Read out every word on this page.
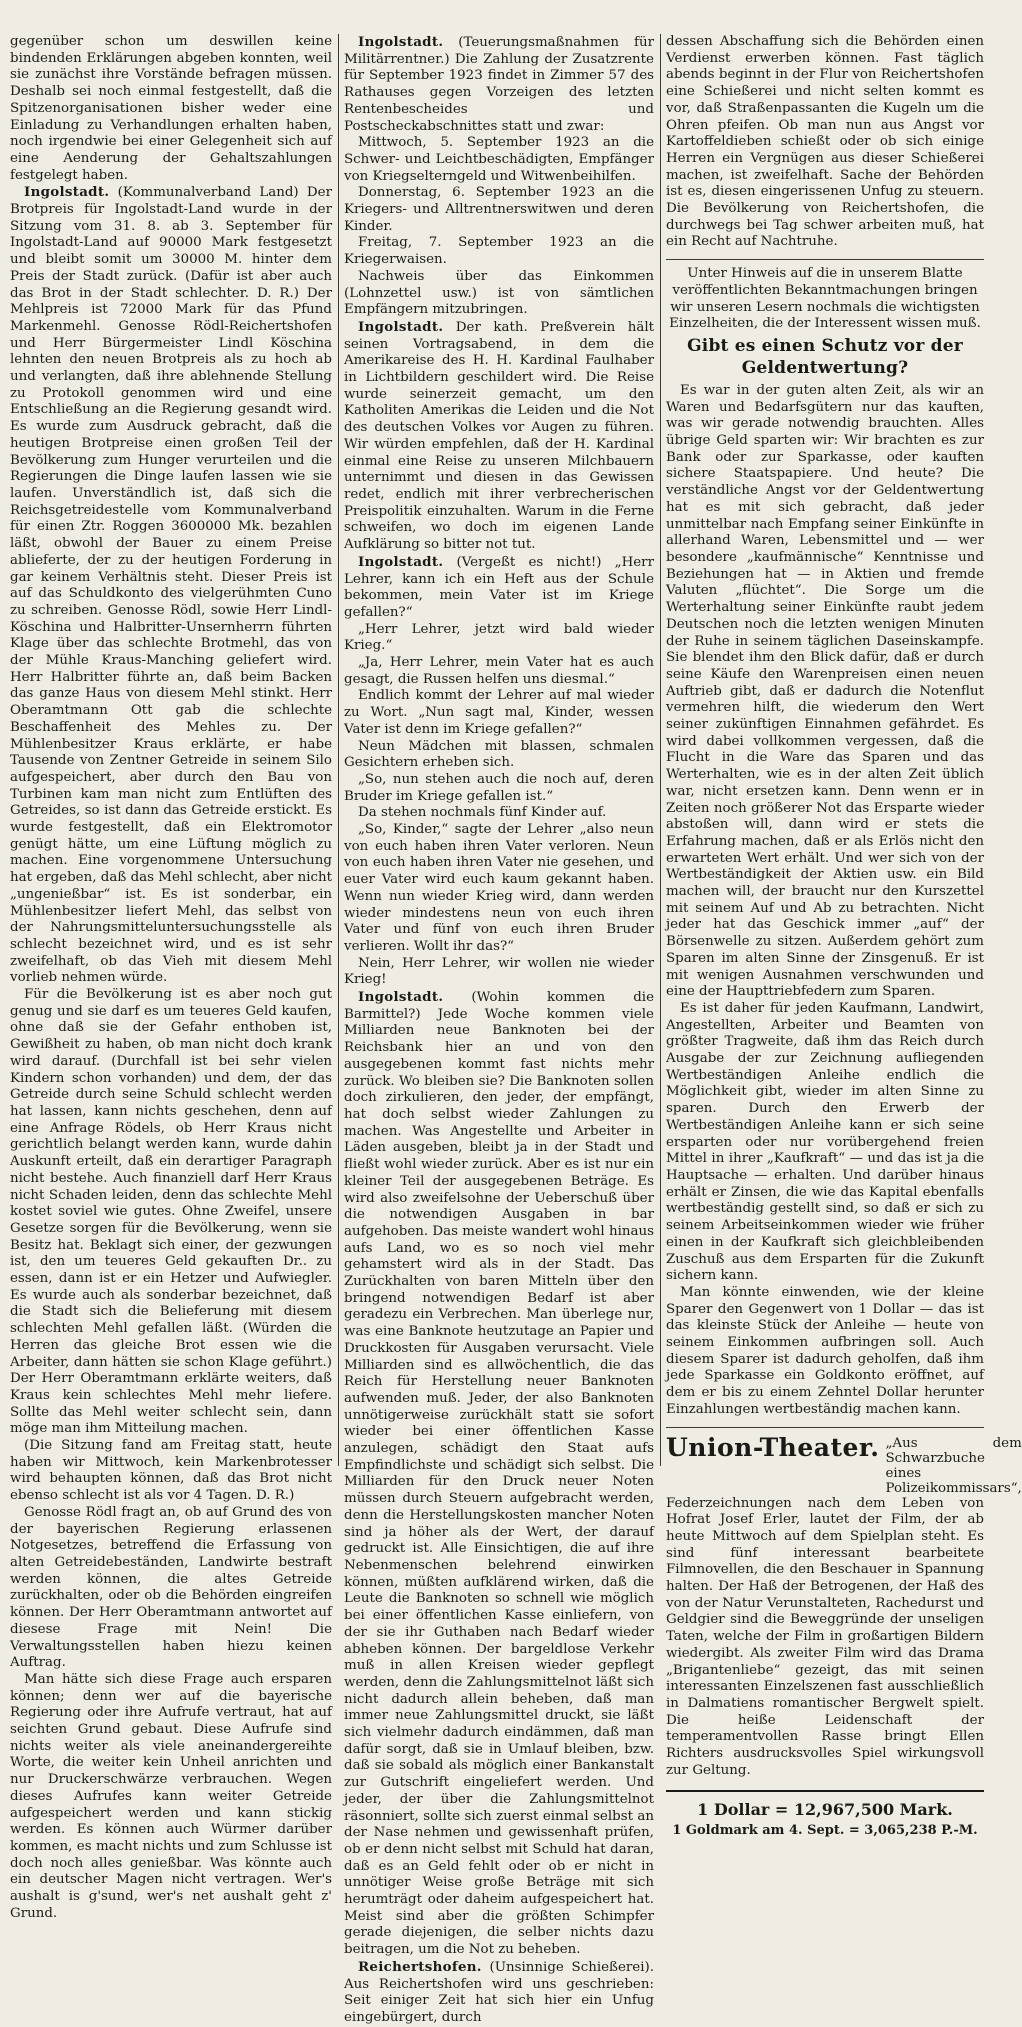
gegenüber schon um deswillen keine bindenden Erklärungen abgeben konnten, weil sie zunächst ihre Vorstände befragen müssen. Deshalb sei noch einmal festgestellt, daß die Spitzenorganisationen bisher weder eine Einladung zu Verhandlungen erhalten haben, noch irgendwie bei einer Gelegenheit sich auf eine Aenderung der Gehaltszahlungen festgelegt haben.

Ingolstadt. (Kommunalverband Land) Der Brotpreis für Ingolstadt-Land wurde in der Sitzung vom 31. 8. ab 3. September für Ingolstadt-Land auf 90000 Mark festgesetzt und bleibt somit um 30000 M. hinter dem Preis der Stadt zurück. (Dafür ist aber auch das Brot in der Stadt schlechter. D. R.) Der Mehlpreis ist 72000 Mark für das Pfund Markenmehl. Genosse Rödl-Reichertshofen und Herr Bürgermeister Lindl Köschina lehnten den neuen Brotpreis als zu hoch ab und verlangten, daß ihre ablehnende Stellung zu Protokoll genommen wird und eine Entschließung an die Regierung gesandt wird. Es wurde zum Ausdruck gebracht, daß die heutigen Brotpreise einen großen Teil der Bevölkerung zum Hunger verurteilen und die Regierungen die Dinge laufen lassen wie sie laufen. Unverständlich ist, daß sich die Reichsgetreidestelle vom Kommunalverband für einen Ztr. Roggen 3600000 Mk. bezahlen läßt, obwohl der Bauer zu einem Preise ablieferte, der zu der heutigen Forderung in gar keinem Verhältnis steht. Dieser Preis ist auf das Schuldkonto des vielgerühmten Cuno zu schreiben. Genosse Rödl, sowie Herr Lindl-Köschina und Halbritter-Unsernherrn führten Klage über das schlechte Brotmehl, das von der Mühle Kraus-Manching geliefert wird. Herr Halbritter führte an, daß beim Backen das ganze Haus von diesem Mehl stinkt. Herr Oberamtmann Ott gab die schlechte Beschaffenheit des Mehles zu. Der Mühlenbesitzer Kraus erklärte, er habe Tausende von Zentner Getreide in seinem Silo aufgespeichert, aber durch den Bau von Turbinen kam man nicht zum Entlüften des Getreides, so ist dann das Getreide erstickt. Es wurde festgestellt, daß ein Elektromotor genügt hätte, um eine Lüftung möglich zu machen. Eine vorgenommene Untersuchung hat ergeben, daß das Mehl schlecht, aber nicht „ungenießbar“ ist. Es ist sonderbar, ein Mühlenbesitzer liefert Mehl, das selbst von der Nahrungsmitteluntersuchungsstelle als schlecht bezeichnet wird, und es ist sehr zweifelhaft, ob das Vieh mit diesem Mehl vorlieb nehmen würde.

Für die Bevölkerung ist es aber noch gut genug und sie darf es um teueres Geld kaufen, ohne daß sie der Gefahr enthoben ist, Gewißheit zu haben, ob man nicht doch krank wird darauf. (Durchfall ist bei sehr vielen Kindern schon vorhanden) und dem, der das Getreide durch seine Schuld schlecht werden hat lassen, kann nichts geschehen, denn auf eine Anfrage Rödels, ob Herr Kraus nicht gerichtlich belangt werden kann, wurde dahin Auskunft erteilt, daß ein derartiger Paragraph nicht bestehe. Auch finanziell darf Herr Kraus nicht Schaden leiden, denn das schlechte Mehl kostet soviel wie gutes. Ohne Zweifel, unsere Gesetze sorgen für die Bevölkerung, wenn sie Besitz hat. Beklagt sich einer, der gezwungen ist, den um teueres Geld gekauften Dr.. zu essen, dann ist er ein Hetzer und Aufwiegler. Es wurde auch als sonderbar bezeichnet, daß die Stadt sich die Belieferung mit diesem schlechten Mehl gefallen läßt. (Würden die Herren das gleiche Brot essen wie die Arbeiter, dann hätten sie schon Klage geführt.) Der Herr Oberamtmann erklärte weiters, daß Kraus kein schlechtes Mehl mehr liefere. Sollte das Mehl weiter schlecht sein, dann möge man ihm Mitteilung machen.

(Die Sitzung fand am Freitag statt, heute haben wir Mittwoch, kein Markenbrotesser wird behaupten können, daß das Brot nicht ebenso schlecht ist als vor 4 Tagen. D. R.)

Genosse Rödl fragt an, ob auf Grund des von der bayerischen Regierung erlassenen Notgesetzes, betreffend die Erfassung von alten Getreidebeständen, Landwirte bestraft werden können, die altes Getreide zurückhalten, oder ob die Behörden eingreifen können. Der Herr Oberamtmann antwortet auf diesese Frage mit Nein! Die Verwaltungsstellen haben hiezu keinen Auftrag.

Man hätte sich diese Frage auch ersparen können; denn wer auf die bayerische Regierung oder ihre Aufrufe vertraut, hat auf seichten Grund gebaut. Diese Aufrufe sind nichts weiter als viele aneinandergereihte Worte, die weiter kein Unheil anrichten und nur Druckerschwärze verbrauchen. Wegen dieses Aufrufes kann weiter Getreide aufgespeichert werden und kann stickig werden. Es können auch Würmer darüber kommen, es macht nichts und zum Schlusse ist doch noch alles genießbar. Was könnte auch ein deutscher Magen nicht vertragen. Wer's aushalt is g'sund, wer's net aushalt geht z' Grund.

Ingolstadt. (Teuerungsmaßnahmen für Militärrentner.) Die Zahlung der Zusatzrente für September 1923 findet in Zimmer 57 des Rathauses gegen Vorzeigen des letzten Rentenbescheides und Postscheckabschnittes statt und zwar:

Mittwoch, 5. September 1923 an die Schwer- und Leichtbeschädigten, Empfänger von Kriegselterngeld und Witwenbeihilfen.

Donnerstag, 6. September 1923 an die Kriegers- und Alltrentnerswitwen und deren Kinder.

Freitag, 7. September 1923 an die Kriegerwaisen.

Nachweis über das Einkommen (Lohnzettel usw.) ist von sämtlichen Empfängern mitzubringen.

Ingolstadt. Der kath. Preßverein hält seinen Vortragsabend, in dem die Amerikareise des H. H. Kardinal Faulhaber in Lichtbildern geschildert wird. Die Reise wurde seinerzeit gemacht, um den Katholiten Amerikas die Leiden und die Not des deutschen Volkes vor Augen zu führen. Wir würden empfehlen, daß der H. Kardinal einmal eine Reise zu unseren Milchbauern unternimmt und diesen in das Gewissen redet, endlich mit ihrer verbrecherischen Preispolitik einzuhalten. Warum in die Ferne schweifen, wo doch im eigenen Lande Aufklärung so bitter not tut.

Ingolstadt. (Vergeßt es nicht!) „Herr Lehrer, kann ich ein Heft aus der Schule bekommen, mein Vater ist im Kriege gefallen?“

„Herr Lehrer, jetzt wird bald wieder Krieg.“

„Ja, Herr Lehrer, mein Vater hat es auch gesagt, die Russen helfen uns diesmal.“

Endlich kommt der Lehrer auf mal wieder zu Wort. „Nun sagt mal, Kinder, wessen Vater ist denn im Kriege gefallen?“

Neun Mädchen mit blassen, schmalen Gesichtern erheben sich.

„So, nun stehen auch die noch auf, deren Bruder im Kriege gefallen ist.“

Da stehen nochmals fünf Kinder auf.

„So, Kinder,“ sagte der Lehrer „also neun von euch haben ihren Vater verloren. Neun von euch haben ihren Vater nie gesehen, und euer Vater wird euch kaum gekannt haben. Wenn nun wieder Krieg wird, dann werden wieder mindestens neun von euch ihren Vater und fünf von euch ihren Bruder verlieren. Wollt ihr das?“

Nein, Herr Lehrer, wir wollen nie wieder Krieg!

Ingolstadt. (Wohin kommen die Barmittel?) Jede Woche kommen viele Milliarden neue Banknoten bei der Reichsbank hier an und von den ausgegebenen kommt fast nichts mehr zurück. Wo bleiben sie? Die Banknoten sollen doch zirkulieren, den jeder, der empfängt, hat doch selbst wieder Zahlungen zu machen. Was Angestellte und Arbeiter in Läden ausgeben, bleibt ja in der Stadt und fließt wohl wieder zurück. Aber es ist nur ein kleiner Teil der ausgegebenen Beträge. Es wird also zweifelsohne der Ueberschuß über die notwendigen Ausgaben in bar aufgehoben. Das meiste wandert wohl hinaus aufs Land, wo es so noch viel mehr gehamstert wird als in der Stadt. Das Zurückhalten von baren Mitteln über den bringend notwendigen Bedarf ist aber geradezu ein Verbrechen. Man überlege nur, was eine Banknote heutzutage an Papier und Druckkosten für Ausgaben verursacht. Viele Milliarden sind es allwöchentlich, die das Reich für Herstellung neuer Banknoten aufwenden muß. Jeder, der also Banknoten unnötigerweise zurückhält statt sie sofort wieder bei einer öffentlichen Kasse anzulegen, schädigt den Staat aufs Empfindlichste und schädigt sich selbst. Die Milliarden für den Druck neuer Noten müssen durch Steuern aufgebracht werden, denn die Herstellungskosten mancher Noten sind ja höher als der Wert, der darauf gedruckt ist. Alle Einsichtigen, die auf ihre Nebenmenschen belehrend einwirken können, müßten aufklärend wirken, daß die Leute die Banknoten so schnell wie möglich bei einer öffentlichen Kasse einliefern, von der sie ihr Guthaben nach Bedarf wieder abheben können. Der bargeldlose Verkehr muß in allen Kreisen wieder gepflegt werden, denn die Zahlungsmittelnot läßt sich nicht dadurch allein beheben, daß man immer neue Zahlungsmittel druckt, sie läßt sich vielmehr dadurch eindämmen, daß man dafür sorgt, daß sie in Umlauf bleiben, bzw. daß sie sobald als möglich einer Bankanstalt zur Gutschrift eingeliefert werden. Und jeder, der über die Zahlungsmittelnot räsonniert, sollte sich zuerst einmal selbst an der Nase nehmen und gewissenhaft prüfen, ob er denn nicht selbst mit Schuld hat daran, daß es an Geld fehlt oder ob er nicht in unnötiger Weise große Beträge mit sich herumträgt oder daheim aufgespeichert hat. Meist sind aber die größten Schimpfer gerade diejenigen, die selber nichts dazu beitragen, um die Not zu beheben.

Reichertshofen. (Unsinnige Schießerei). Aus Reichertshofen wird uns geschrieben: Seit einiger Zeit hat sich hier ein Unfug eingebürgert, durch

dessen Abschaffung sich die Behörden einen Verdienst erwerben können. Fast täglich abends beginnt in der Flur von Reichertshofen eine Schießerei und nicht selten kommt es vor, daß Straßenpassanten die Kugeln um die Ohren pfeifen. Ob man nun aus Angst vor Kartoffeldieben schießt oder ob sich einige Herren ein Vergnügen aus dieser Schießerei machen, ist zweifelhaft. Sache der Behörden ist es, diesen eingerissenen Unfug zu steuern. Die Bevölkerung von Reichertshofen, die durchwegs bei Tag schwer arbeiten muß, hat ein Recht auf Nachtruhe.

Unter Hinweis auf die in unserem Blatte veröffentlichten Bekanntmachungen bringen wir unseren Lesern nochmals die wichtigsten Einzelheiten, die der Interessent wissen muß.

Gibt es einen Schutz vor der Geldentwertung?

Es war in der guten alten Zeit, als wir an Waren und Bedarfsgütern nur das kauften, was wir gerade notwendig brauchten. Alles übrige Geld sparten wir: Wir brachten es zur Bank oder zur Sparkasse, oder kauften sichere Staatspapiere. Und heute? Die verständliche Angst vor der Geldentwertung hat es mit sich gebracht, daß jeder unmittelbar nach Empfang seiner Einkünfte in allerhand Waren, Lebensmittel und — wer besondere „kaufmännische“ Kenntnisse und Beziehungen hat — in Aktien und fremde Valuten „flüchtet“. Die Sorge um die Werterhaltung seiner Einkünfte raubt jedem Deutschen noch die letzten wenigen Minuten der Ruhe in seinem täglichen Daseinskampfe. Sie blendet ihm den Blick dafür, daß er durch seine Käufe den Warenpreisen einen neuen Auftrieb gibt, daß er dadurch die Notenflut vermehren hilft, die wiederum den Wert seiner zukünftigen Einnahmen gefährdet. Es wird dabei vollkommen vergessen, daß die Flucht in die Ware das Sparen und das Werterhalten, wie es in der alten Zeit üblich war, nicht ersetzen kann. Denn wenn er in Zeiten noch größerer Not das Ersparte wieder abstoßen will, dann wird er stets die Erfahrung machen, daß er als Erlös nicht den erwarteten Wert erhält. Und wer sich von der Wertbeständigkeit der Aktien usw. ein Bild machen will, der braucht nur den Kurszettel mit seinem Auf und Ab zu betrachten. Nicht jeder hat das Geschick immer „auf“ der Börsenwelle zu sitzen. Außerdem gehört zum Sparen im alten Sinne der Zinsgenuß. Er ist mit wenigen Ausnahmen verschwunden und eine der Haupttriebfedern zum Sparen.

Es ist daher für jeden Kaufmann, Landwirt, Angestellten, Arbeiter und Beamten von größter Tragweite, daß ihm das Reich durch Ausgabe der zur Zeichnung aufliegenden Wertbeständigen Anleihe endlich die Möglichkeit gibt, wieder im alten Sinne zu sparen. Durch den Erwerb der Wertbeständigen Anleihe kann er sich seine ersparten oder nur vorübergehend freien Mittel in ihrer „Kaufkraft“ — und das ist ja die Hauptsache — erhalten. Und darüber hinaus erhält er Zinsen, die wie das Kapital ebenfalls wertbeständig gestellt sind, so daß er sich zu seinem Arbeitseinkommen wieder wie früher einen in der Kaufkraft sich gleichbleibenden Zuschuß aus dem Ersparten für die Zukunft sichern kann.

Man könnte einwenden, wie der kleine Sparer den Gegenwert von 1 Dollar — das ist das kleinste Stück der Anleihe — heute von seinem Einkommen aufbringen soll. Auch diesem Sparer ist dadurch geholfen, daß ihm jede Sparkasse ein Goldkonto eröffnet, auf dem er bis zu einem Zehntel Dollar herunter Einzahlungen wertbeständig machen kann.

Union-Theater. „Aus dem Schwarzbuche eines Polizeikommissars“,

Federzeichnungen nach dem Leben von Hofrat Josef Erler, lautet der Film, der ab heute Mittwoch auf dem Spielplan steht. Es sind fünf interessant bearbeitete Filmnovellen, die den Beschauer in Spannung halten. Der Haß der Betrogenen, der Haß des von der Natur Verunstalteten, Rachedurst und Geldgier sind die Beweggründe der unseligen Taten, welche der Film in großartigen Bildern wiedergibt. Als zweiter Film wird das Drama „Brigantenliebe“ gezeigt, das mit seinen interessanten Einzelszenen fast ausschließlich in Dalmatiens romantischer Bergwelt spielt. Die heiße Leidenschaft der temperamentvollen Rasse bringt Ellen Richters ausdrucksvolles Spiel wirkungsvoll zur Geltung.

1 Dollar = 12,967,500 Mark.
1 Goldmark am 4. Sept. = 3,065,238 P.-M.
